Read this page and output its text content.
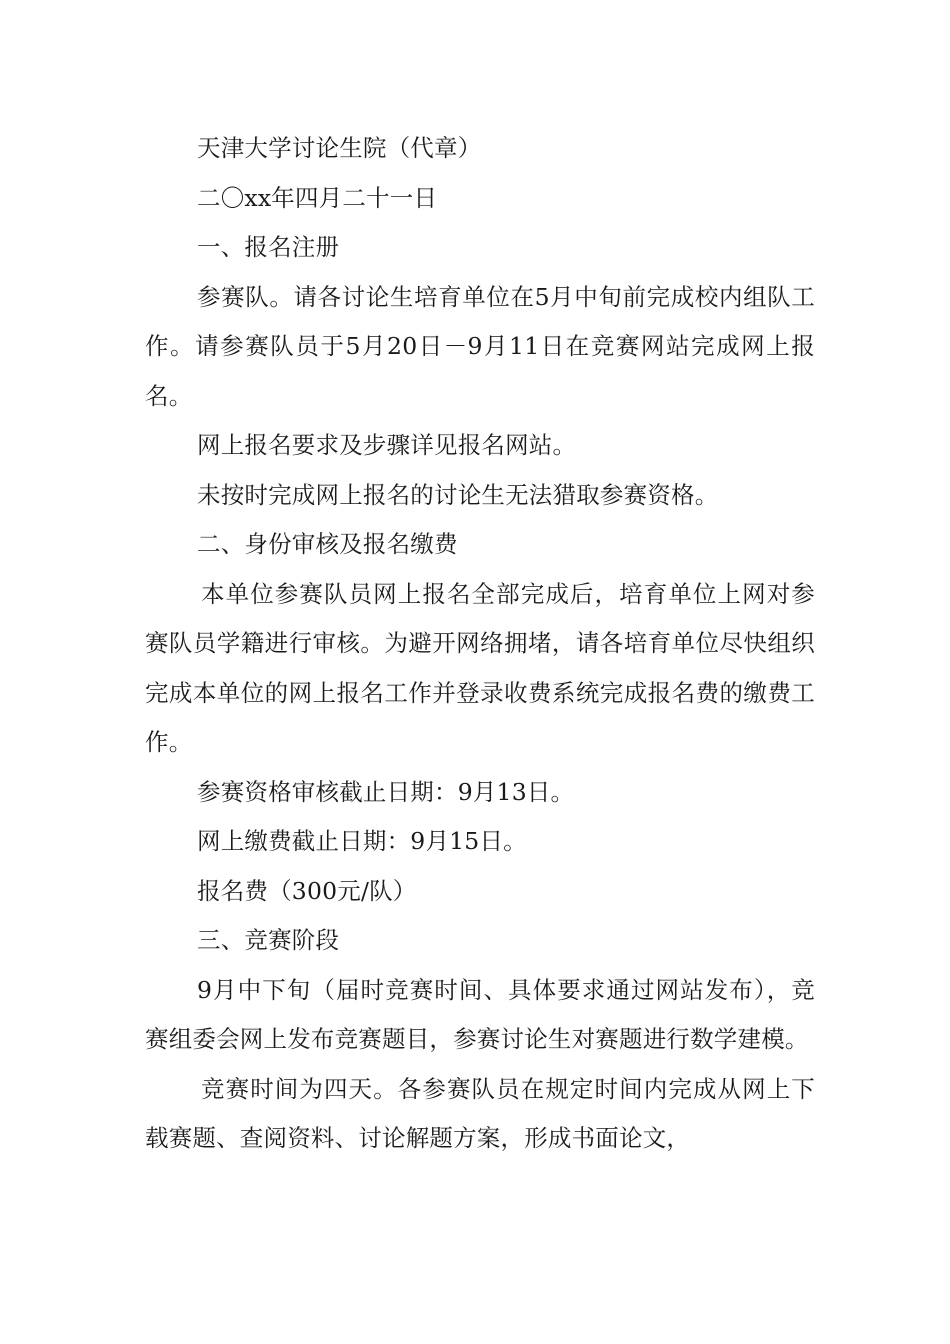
天津大学讨论生院（代章）

二〇xx年四月二十一日

一、报名注册

参赛队。请各讨论生培育单位在5月中旬前完成校内组队工作。请参赛队员于5月20日－9月11日在竞赛网站完成网上报名。

网上报名要求及步骤详见报名网站。

未按时完成网上报名的讨论生无法猎取参赛资格。

二、身份审核及报名缴费

本单位参赛队员网上报名全部完成后，培育单位上网对参赛队员学籍进行审核。为避开网络拥堵，请各培育单位尽快组织完成本单位的网上报名工作并登录收费系统完成报名费的缴费工作。

参赛资格审核截止日期：9月13日。

网上缴费截止日期：9月15日。

报名费（300元/队）

三、竞赛阶段

9月中下旬（届时竞赛时间、具体要求通过网站发布），竞赛组委会网上发布竞赛题目，参赛讨论生对赛题进行数学建模。

竞赛时间为四天。各参赛队员在规定时间内完成从网上下载赛题、查阅资料、讨论解题方案，形成书面论文，
